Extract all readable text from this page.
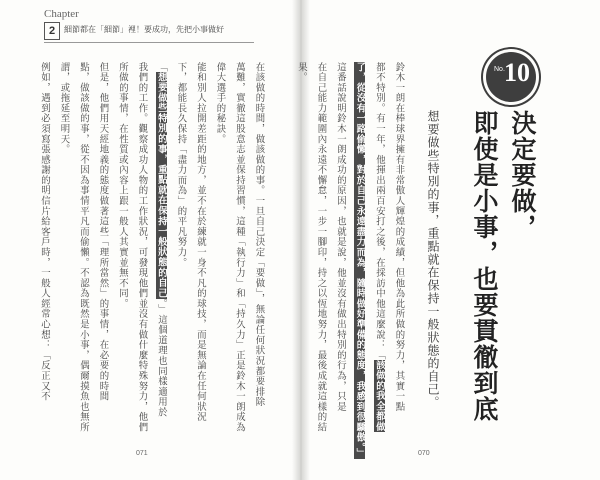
Chapter
2	細節都在「細節」裡！要成功，先把小事做好
在該做的時間，做該做的事。一旦自己決定「要做」，無論任何狀況都要排除
萬難，實徹這股意志並保持習慣，這種「執行力」和「持久力」正是鈴木一朗成為
偉大選手的秘訣。
能和別人拉開差距的地方，並不在於練就一身不凡的球技，而是無論在任何狀況
下，都能長久保持「盡力而為」的平凡努力。
「想要做些特別的事，重點就在保持一般狀態的自己。」這個道理也同樣適用於
我們的工作。觀察成功人物的工作狀況，可發現他們並沒有做什麼特殊努力，他們
所做的事情，在性質或內容上跟一般人其實並無不同。
但是，他們用天經地義的態度做著這些「理所當然」的事情，在必要的時間
點，做該做的事，從不因為事情平凡而偷懶。不認為既然是小事，偶爾摸魚也無所
謂，或拖延至明天。
例如，遇到必須寫張感謝的明信片給客戶時，一般人經常心想：「反正又不	鈴木一朗在棒球界擁有非常傲人輝煌的成績，但他為此所做的努力，其實一點
都不特別。有一年，他揮出兩百安打之後，在採訪中他這麼說：「該做的我全都做
了，從沒有一路偷懶，對於自己永遠盡力而為，隨時做好準備的態度，我感到很驕傲。」
這番話說明鈴木一朗成功的原因，也就是說，他並沒有做出特別的行為，只是
在自己能力範圍內永遠不懈怠，一步一腳印，持之以恆地努力，最後成就這樣的結
果。
想要做些特別的事，重點就在保持一般狀態的自己。	決定要做，
即使是小事，也要貫徹到底
No. 10
071	070
